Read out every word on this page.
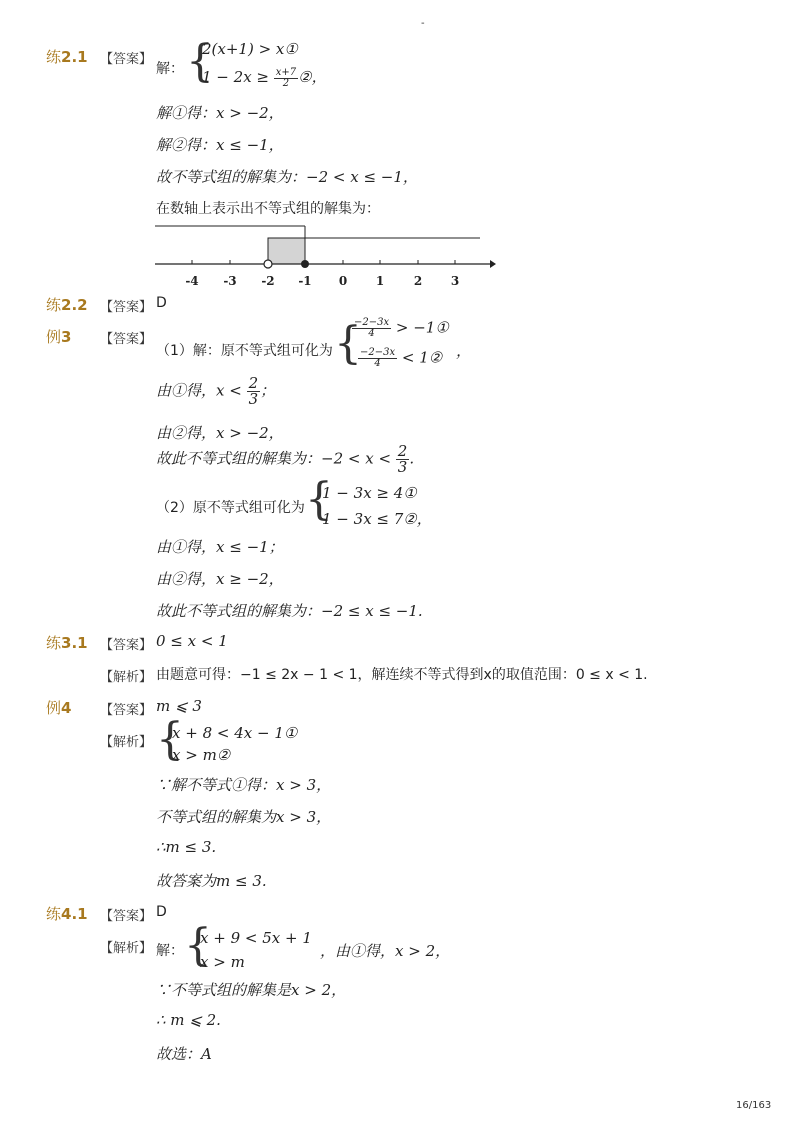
-
练2.1 【答案】
解： {
2(x+1) > x①
$1 - 2x \ge \frac{x+7}{2}$ ②，
解①得：x > −2，
解②得：x ≤ −1，
故不等式组的解集为：−2 < x ≤ −1，
在数轴上表示出不等式组的解集为：
-4 -3 -2 -1 0 1 2 3
练2.2 【答案】 D
例3 【答案】
（1）解：原不等式组可化为 {
$\frac{-2-3x}{4}$ > −1①
$\frac{-2-3x}{4}$ < 1② ，
由①得，$x < \frac{2}{3}$ ；
由②得，x > −2，
故此不等式组的解集为：$-2 < x < \frac{2}{3}$ .
（2）原不等式组可化为 {
1 − 3x ≥ 4①
1 − 3x ≤ 7②，
由①得，x ≤ −1；
由②得，x ≥ −2，
故此不等式组的解集为：−2 ≤ x ≤ −1.
练3.1 【答案】 0 ≤ x < 1
【解析】 由题意可得：−1 ≤ 2x − 1 < 1，解连续不等式得到x的取值范围：0 ≤ x < 1.
例4 【答案】 m ⩽ 3
【解析】 {
x + 8 < 4x − 1①
x > m②
∵解不等式①得：x > 3，
不等式组的解集为x > 3，
∴m ≤ 3.
故答案为m ≤ 3.
练4.1 【答案】 D
【解析】 解： {
x + 9 < 5x + 1
x > m
，由①得，x > 2，
∵不等式组的解集是x > 2，
∴ m ⩽ 2.
故选：A
16/163
